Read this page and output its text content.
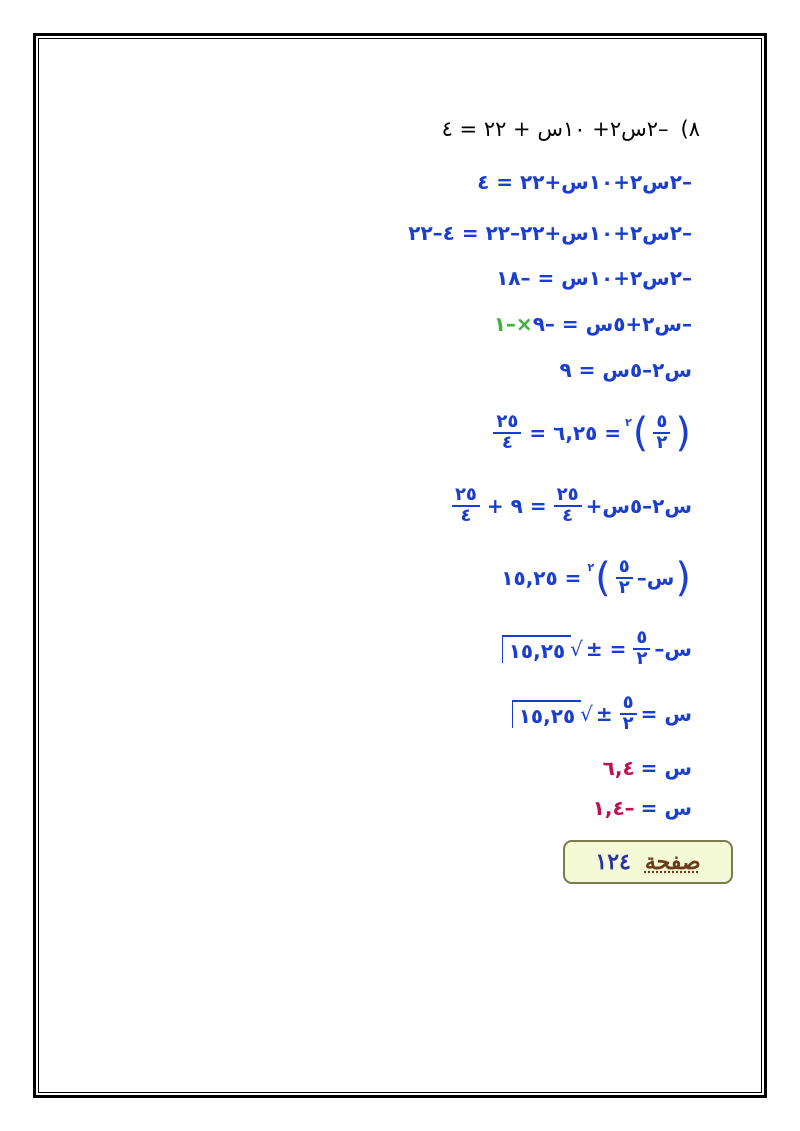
٨)
–٢س٢+ ١٠س + ٢٢ = ٤
–٢س٢+١٠س+٢٢ = ٤
–٢س٢+١٠س+٢٢–٢٢ = ٤–٢٢
–٢س٢+١٠س = –١٨
–س٢+٥س = –٩
×–١
س٢–٥س = ٩
(
$\frac{٥}{٢}$
)
٢
= ٦,٢٥ =
$\frac{٢٥}{٤}$
س٢–٥س+
$\frac{٢٥}{٤}$
= ٩ +
$\frac{٢٥}{٤}$
(
س–
$\frac{٥}{٢}$
)
٢
= ١٥,٢٥
س–
$\frac{٥}{٢}$
= ±
√
١٥,٢٥
س =
$\frac{٥}{٢}$
±
√
١٥,٢٥
س =
٦,٤
س =
–١,٤
صفحة
١٢٤
